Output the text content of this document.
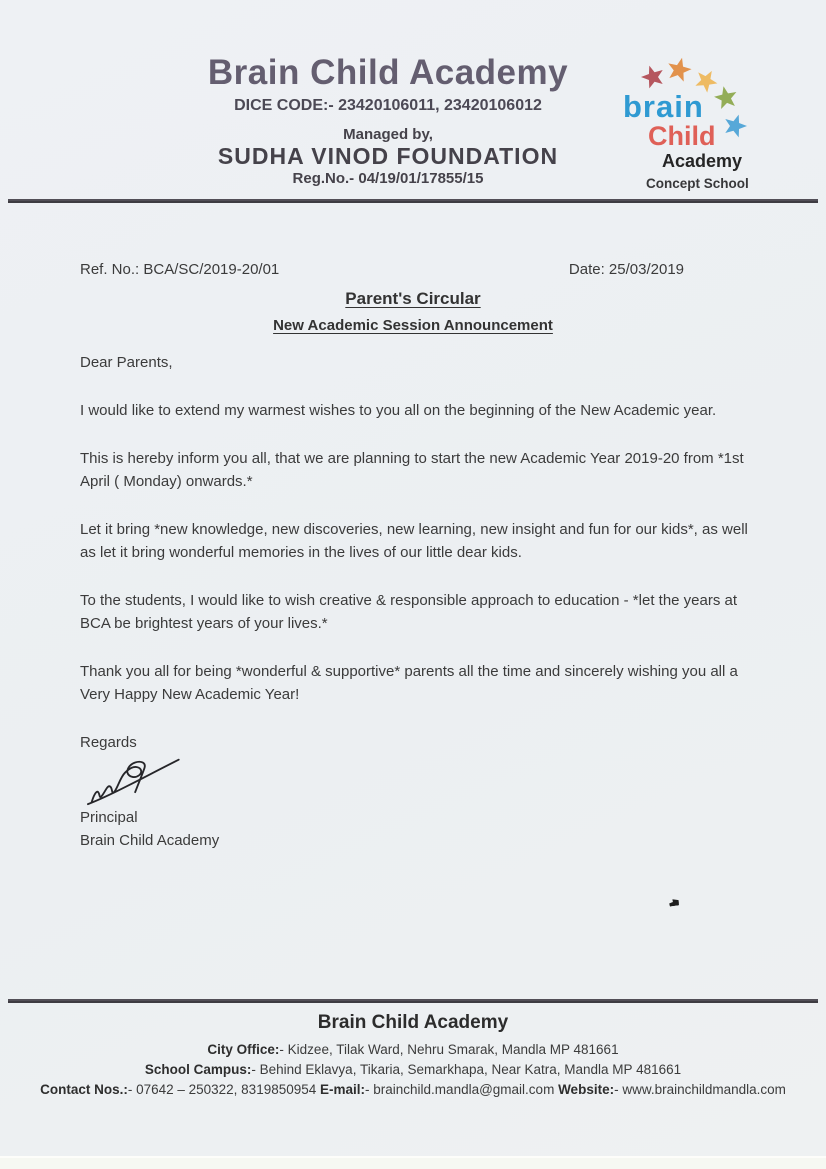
Brain Child Academy
DICE CODE:- 23420106011, 23420106012
Managed by,
SUDHA VINOD FOUNDATION
Reg.No.- 04/19/01/17855/15
brain
Child
Academy
Concept School
Ref. No.: BCA/SC/2019-20/01	Date: 25/03/2019
Parent's Circular
New Academic Session Announcement

Dear Parents,

I would like to extend my warmest wishes to you all on the beginning of the New Academic year.

This is hereby inform you all, that we are planning to start the new Academic Year 2019-20 from *1st
April ( Monday) onwards.*

Let it bring *new knowledge, new discoveries, new learning, new insight and fun for our kids*, as well
as let it bring wonderful memories in the lives of our little dear kids.

To the students, I would like to wish creative & responsible approach to education - *let the years at
BCA be brightest years of your lives.*

Thank you all for being *wonderful & supportive* parents all the time and sincerely wishing you all a
Very Happy New Academic Year!

Regards
Principal
Brain Child Academy
Brain Child Academy
City Office:- Kidzee, Tilak Ward, Nehru Smarak, Mandla MP 481661
School Campus:- Behind Eklavya, Tikaria, Semarkhapa, Near Katra, Mandla MP 481661
Contact Nos.:- 07642 – 250322, 8319850954 E-mail:- brainchild.mandla@gmail.com Website:- www.brainchildmandla.com
